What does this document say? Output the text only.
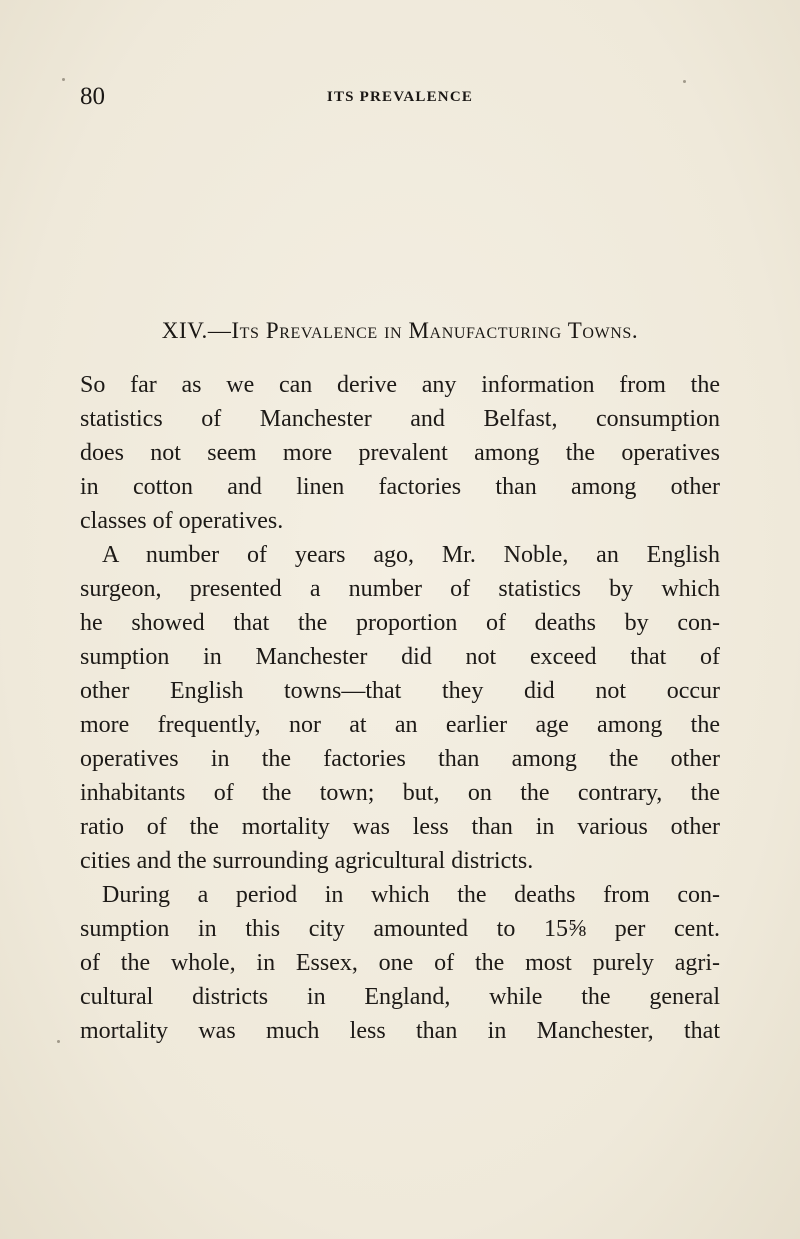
80	ITS PREVALENCE
XIV.—Its Prevalence in Manufacturing Towns.
So far as we can derive any information from the
statistics of Manchester and Belfast, consumption
does not seem more prevalent among the operatives
in cotton and linen factories than among other
classes of operatives.
A number of years ago, Mr. Noble, an English
surgeon, presented a number of statistics by which
he showed that the proportion of deaths by con-
sumption in Manchester did not exceed that of
other English towns—that they did not occur
more frequently, nor at an earlier age among the
operatives in the factories than among the other
inhabitants of the town; but, on the contrary, the
ratio of the mortality was less than in various other
cities and the surrounding agricultural districts.
During a period in which the deaths from con-
sumption in this city amounted to 15⅝ per cent.
of the whole, in Essex, one of the most purely agri-
cultural districts in England, while the general
mortality was much less than in Manchester, that
